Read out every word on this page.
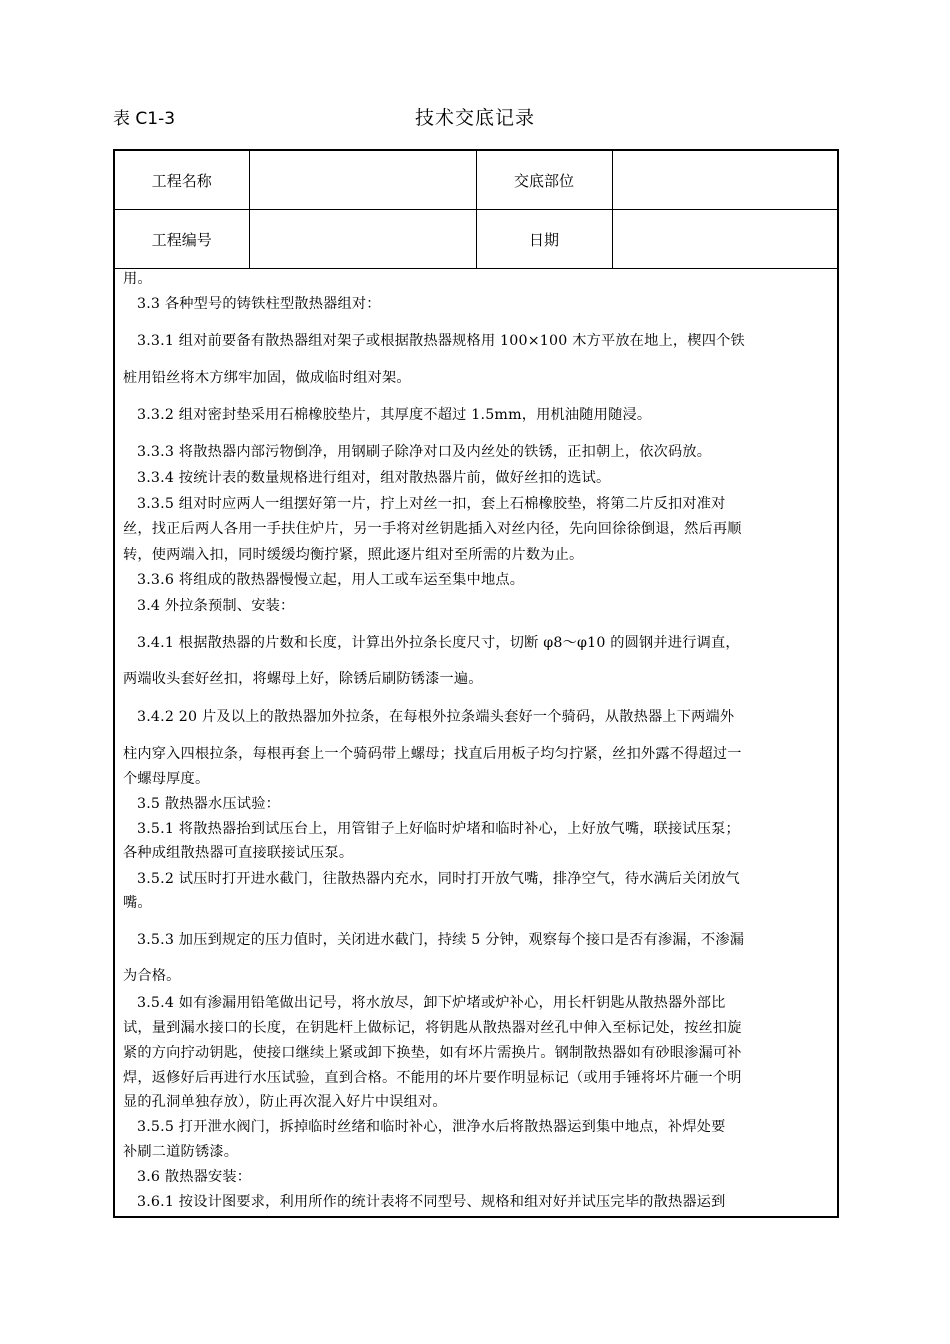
表 C1-3	技术交底记录
工程名称		交底部位	
工程编号		日期	
用。
3.3 各种型号的铸铁柱型散热器组对：
3.3.1 组对前要备有散热器组对架子或根据散热器规格用 100×100 木方平放在地上，楔四个铁
桩用铅丝将木方绑牢加固，做成临时组对架。
3.3.2 组对密封垫采用石棉橡胶垫片，其厚度不超过 1.5mm，用机油随用随浸。
3.3.3 将散热器内部污物倒净，用钢刷子除净对口及内丝处的铁锈，正扣朝上，依次码放。
3.3.4 按统计表的数量规格进行组对，组对散热器片前，做好丝扣的选试。
3.3.5 组对时应两人一组摆好第一片，拧上对丝一扣，套上石棉橡胶垫，将第二片反扣对准对
丝，找正后两人各用一手扶住炉片，另一手将对丝钥匙插入对丝内径，先向回徐徐倒退，然后再顺
转，使两端入扣，同时缓缓均衡拧紧，照此逐片组对至所需的片数为止。
3.3.6 将组成的散热器慢慢立起，用人工或车运至集中地点。
3.4 外拉条预制、安装：
3.4.1 根据散热器的片数和长度，计算出外拉条长度尺寸，切断 φ8～φ10 的圆钢并进行调直，
两端收头套好丝扣，将螺母上好，除锈后刷防锈漆一遍。
3.4.2 20 片及以上的散热器加外拉条，在每根外拉条端头套好一个骑码，从散热器上下两端外
柱内穿入四根拉条，每根再套上一个骑码带上螺母；找直后用板子均匀拧紧，丝扣外露不得超过一
个螺母厚度。
3.5 散热器水压试验：
3.5.1 将散热器抬到试压台上，用管钳子上好临时炉堵和临时补心，上好放气嘴，联接试压泵；
各种成组散热器可直接联接试压泵。
3.5.2 试压时打开进水截门，往散热器内充水，同时打开放气嘴，排净空气，待水满后关闭放气
嘴。
3.5.3 加压到规定的压力值时，关闭进水截门，持续 5 分钟，观察每个接口是否有渗漏，不渗漏
为合格。
3.5.4 如有渗漏用铅笔做出记号，将水放尽，卸下炉堵或炉补心，用长杆钥匙从散热器外部比
试，量到漏水接口的长度，在钥匙杆上做标记，将钥匙从散热器对丝孔中伸入至标记处，按丝扣旋
紧的方向拧动钥匙，使接口继续上紧或卸下换垫，如有坏片需换片。钢制散热器如有砂眼渗漏可补
焊，返修好后再进行水压试验，直到合格。不能用的坏片要作明显标记（或用手锤将坏片砸一个明
显的孔洞单独存放），防止再次混入好片中误组对。
3.5.5 打开泄水阀门，拆掉临时丝绪和临时补心，泄净水后将散热器运到集中地点，补焊处要
补刷二道防锈漆。
3.6 散热器安装：
3.6.1 按设计图要求，利用所作的统计表将不同型号、规格和组对好并试压完毕的散热器运到
